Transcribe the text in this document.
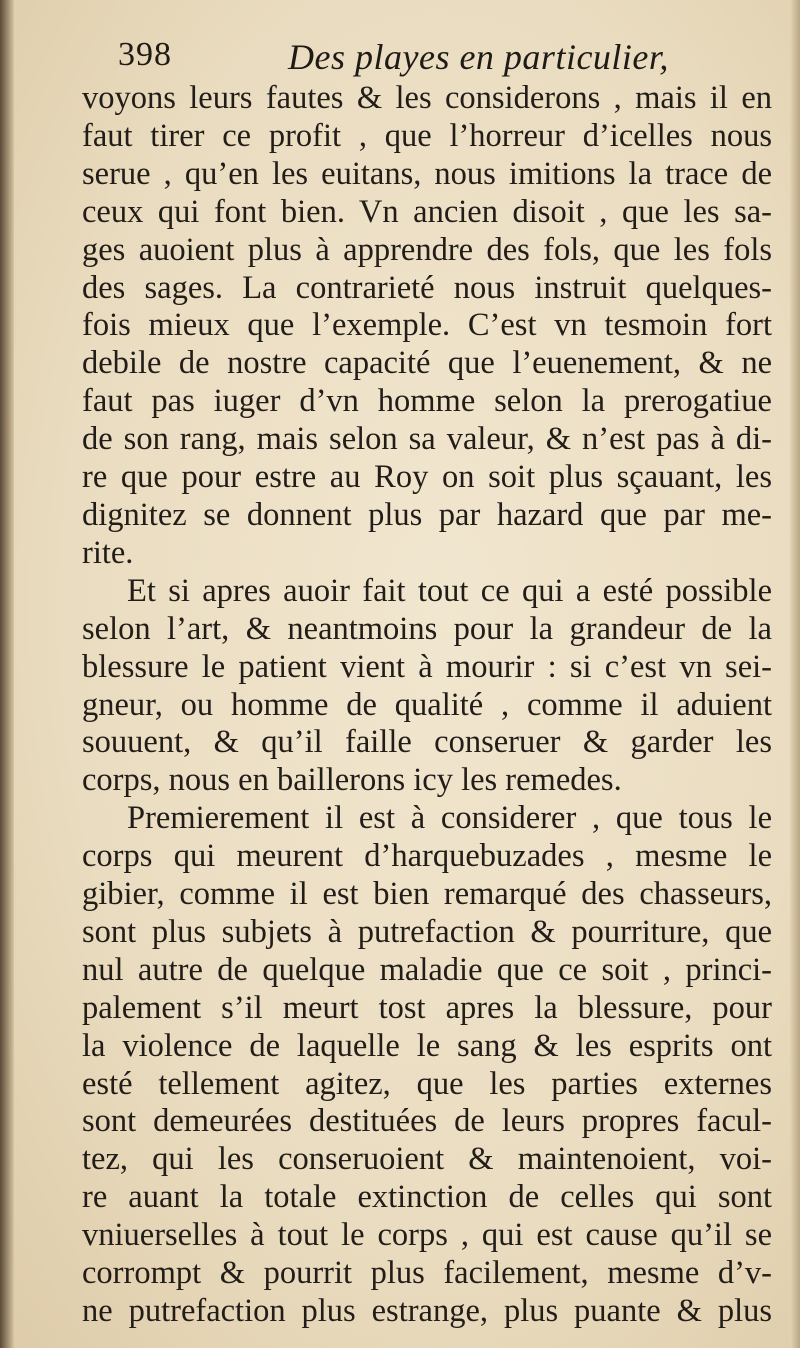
398	Des playes en particulier,
voyons leurs fautes & les considerons , mais il en
faut tirer ce profit , que l’horreur d’icelles nous
serue , qu’en les euitans, nous imitions la trace de
ceux qui font bien. Vn ancien disoit , que les sa-
ges auoient plus à apprendre des fols, que les fols
des sages. La contrarieté nous instruit quelques-
fois mieux que l’exemple. C’est vn tesmoin fort
debile de nostre capacité que l’euenement, & ne
faut pas iuger d’vn homme selon la prerogatiue
de son rang, mais selon sa valeur, & n’est pas à di-
re que pour estre au Roy on soit plus sçauant, les
dignitez se donnent plus par hazard que par me-
rite.
Et si apres auoir fait tout ce qui a esté possible
selon l’art, & neantmoins pour la grandeur de la
blessure le patient vient à mourir : si c’est vn sei-
gneur, ou homme de qualité , comme il aduient
souuent, & qu’il faille conseruer & garder les
corps, nous en baillerons icy les remedes.
Premierement il est à considerer , que tous le
corps qui meurent d’harquebuzades , mesme le
gibier, comme il est bien remarqué des chasseurs,
sont plus subjets à putrefaction & pourriture, que
nul autre de quelque maladie que ce soit , princi-
palement s’il meurt tost apres la blessure, pour
la violence de laquelle le sang & les esprits ont
esté tellement agitez, que les parties externes
sont demeurées destituées de leurs propres facul-
tez, qui les conseruoient & maintenoient, voi-
re auant la totale extinction de celles qui sont
vniuerselles à tout le corps , qui est cause qu’il se
corrompt & pourrit plus facilement, mesme d’v-
ne putrefaction plus estrange, plus puante & plus
